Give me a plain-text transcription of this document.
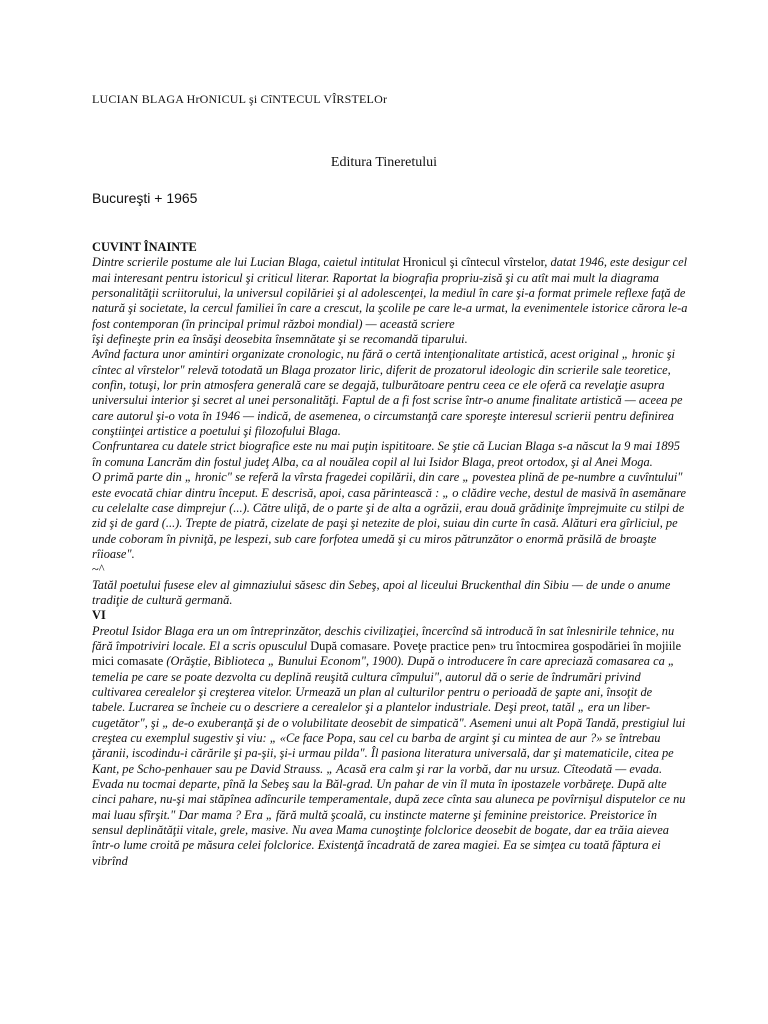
LUCIAN BLAGA HrONICUL şi CîNTECUL VÎRSTELOr
Editura Tineretului
Bucureşti + 1965
CUVINT ÎNAINTE

Dintre scrierile postume ale lui Lucian Blaga, caietul intitulat Hronicul şi cîntecul vîrstelor, datat 1946, este desigur cel mai interesant pentru istoricul şi criticul literar. Raportat la biografia propriu-zisă şi cu atît mai mult la diagrama personalităţii scriitorului, la universul copilăriei şi al adolescenţei, la mediul în care şi-a format primele reflexe faţă de natură şi societate, la cercul familiei în care a crescut, la şcolile pe care le-a urmat, la evenimentele istorice cărora le-a fost contemporan (în principal primul război mondial) — această scriere

îşi defineşte prin ea însăşi deosebita însemnătate şi se recomandă tiparului.

Avînd factura unor amintiri organizate cronologic, nu fără o certă intenţionalitate artistică, acest original „ hronic şi cîntec al vîrstelor" relevă totodată un Blaga prozator liric, diferit de prozatorul ideologic din scrierile sale teoretice, confin, totuşi, lor prin atmosfera generală care se degajă, tulburătoare pentru ceea ce ele oferă ca revelaţie asupra universului interior şi secret al unei personalităţi. Faptul de a fi fost scrise într-o anume finalitate artistică — aceea pe care autorul şi-o vota în 1946 — indică, de asemenea, o circumstanţă care sporeşte interesul scrierii pentru definirea conştiinţei artistice a poetului şi filozofului Blaga.

Confruntarea cu datele strict biografice este nu mai puţin ispititoare. Se ştie că Lucian Blaga s-a născut la 9 mai 1895 în comuna Lancrăm din fostul judeţ Alba, ca al nouălea copil al lui Isidor Blaga, preot ortodox, şi al Anei Moga.

O primă parte din „ hronic" se referă la vîrsta fragedei copilării, din care „ povestea plină de pe-numbre a cuvîntului" este evocată chiar dintru început. E descrisă, apoi, casa părintească : „ o clădire veche, destul de masivă în asemănare cu celelalte case dimprejur (...). Către uliţă, de o parte şi de alta a ogrăzii, erau două grădiniţe împrejmuite cu stilpi de zid şi de gard (...). Trepte de piatră, cizelate de paşi şi netezite de ploi, suiau din curte în casă. Alături era gîrliciul, pe unde coboram în pivniţă, pe lespezi, sub care forfotea umedă şi cu miros pătrunzător o enormă prăsilă de broaşte rîioase".

~^

Tatăl poetului fusese elev al gimnaziului săsesc din Sebeş, apoi al liceului Bruckenthal din Sibiu — de unde o anume tradiţie de cultură germană.

VI

Preotul Isidor Blaga era un om întreprinzător, deschis civilizaţiei, încercînd să introducă în sat înlesnirile tehnice, nu fără împotriviri locale. El a scris opusculul După comasare. Poveţe practice pen» tru întocmirea gospodăriei în mojiile mici comasate (Orăştie, Biblioteca „ Bunului Econom", 1900). După o introducere în care apreciază comasarea ca „ temelia pe care se poate dezvolta cu deplină reuşită cultura cîmpului", autorul dă o serie de îndrumări privind cultivarea cerealelor şi creşterea vitelor. Urmează un plan al culturilor pentru o perioadă de şapte ani, însoţit de tabele. Lucrarea se încheie cu o descriere a cerealelor şi a plantelor industriale. Deşi preot, tatăl „ era un liber-cugetător", şi „ de-o exuberanţă şi de o volubilitate deosebit de simpatică". Asemeni unui alt Popă Tandă, prestigiul lui creştea cu exemplul sugestiv şi viu: „ «Ce face Popa, sau cel cu barba de argint şi cu mintea de aur ?» se întrebau ţăranii, iscodindu-i cărările şi pa-şii, şi-i urmau pilda". Îl pasiona literatura universală, dar şi matematicile, citea pe Kant, pe Scho-penhauer sau pe David Strauss. „ Acasă era calm şi rar la vorbă, dar nu ursuz. Cîteodată — evada. Evada nu tocmai departe, pînă la Sebeş sau la Băl-grad. Un pahar de vin îl muta în ipostazele vorbăreţe. După alte cinci pahare, nu-şi mai stăpînea adîncurile temperamentale, după zece cînta sau aluneca pe povîrnişul disputelor ce nu mai luau sfîrşit." Dar mama ? Era „ fără multă şcoală, cu instincte materne şi feminine preistorice. Preistorice în sensul deplinătăţii vitale, grele, masive. Nu avea Mama cunoştinţe folclorice deosebit de bogate, dar ea trăia aievea într-o lume croită pe măsura celei folclorice. Existenţă încadrată de zarea magiei. Ea se simţea cu toată făptura ei vibrînd
